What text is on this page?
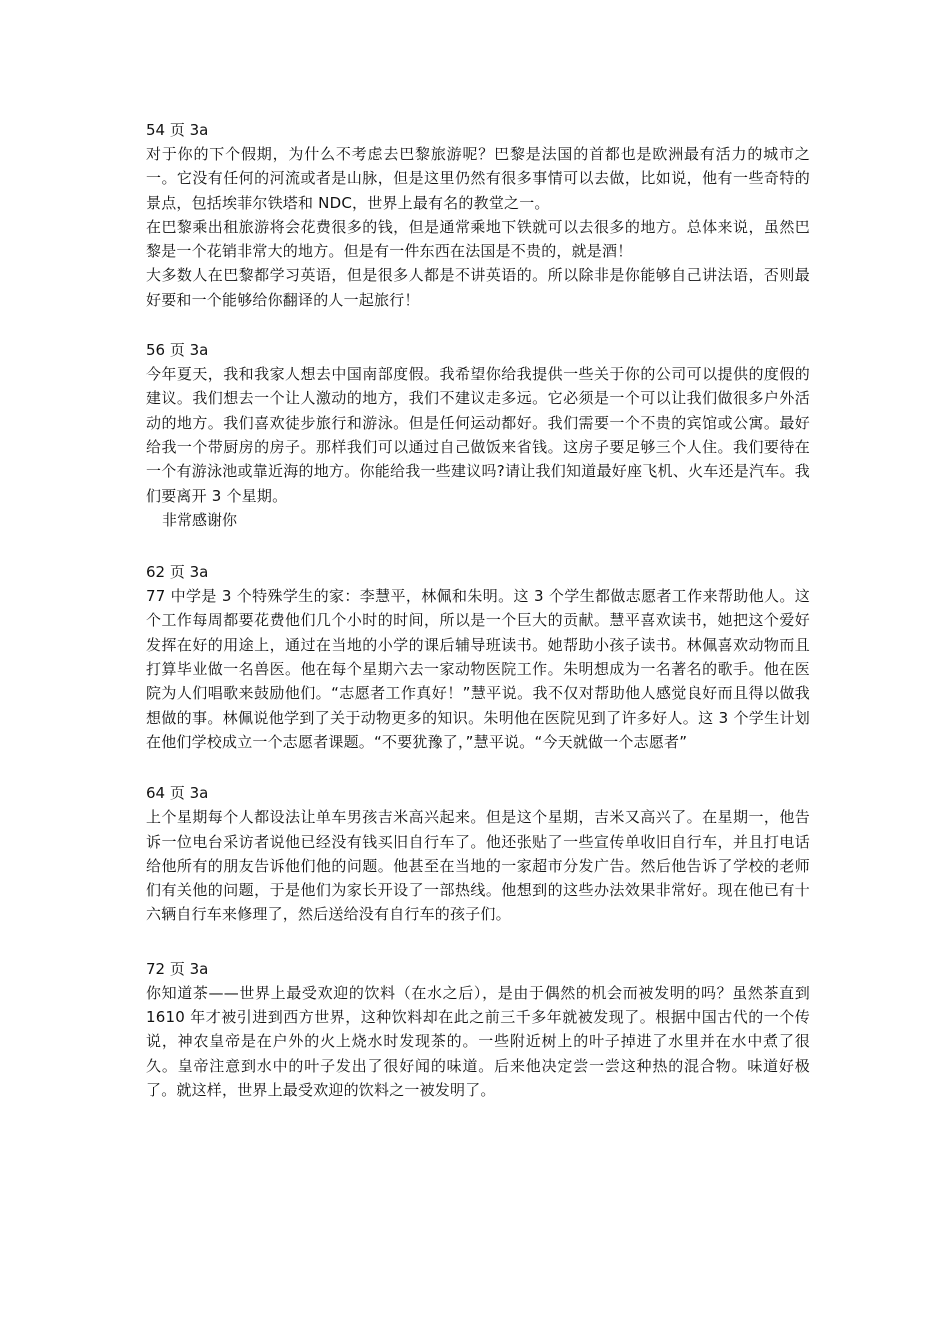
54 页 3a

对于你的下个假期，为什么不考虑去巴黎旅游呢？巴黎是法国的首都也是欧洲最有活力的城市之一。它没有任何的河流或者是山脉，但是这里仍然有很多事情可以去做，比如说，他有一些奇特的景点，包括埃菲尔铁塔和 NDC，世界上最有名的教堂之一。

在巴黎乘出租旅游将会花费很多的钱，但是通常乘地下铁就可以去很多的地方。总体来说，虽然巴黎是一个花销非常大的地方。但是有一件东西在法国是不贵的，就是酒！

大多数人在巴黎都学习英语，但是很多人都是不讲英语的。所以除非是你能够自己讲法语，否则最好要和一个能够给你翻译的人一起旅行！

56 页 3a

今年夏天，我和我家人想去中国南部度假。我希望你给我提供一些关于你的公司可以提供的度假的建议。我们想去一个让人激动的地方，我们不建议走多远。它必须是一个可以让我们做很多户外活动的地方。我们喜欢徒步旅行和游泳。但是任何运动都好。我们需要一个不贵的宾馆或公寓。最好给我一个带厨房的房子。那样我们可以通过自己做饭来省钱。这房子要足够三个人住。我们要待在一个有游泳池或靠近海的地方。你能给我一些建议吗?请让我们知道最好座飞机、火车还是汽车。我们要离开 3 个星期。

非常感谢你

62 页 3a

77 中学是 3 个特殊学生的家：李慧平，林佩和朱明。这 3 个学生都做志愿者工作来帮助他人。这个工作每周都要花费他们几个小时的时间，所以是一个巨大的贡献。慧平喜欢读书，她把这个爱好发挥在好的用途上，通过在当地的小学的课后辅导班读书。她帮助小孩子读书。林佩喜欢动物而且打算毕业做一名兽医。他在每个星期六去一家动物医院工作。朱明想成为一名著名的歌手。他在医院为人们唱歌来鼓励他们。“志愿者工作真好！”慧平说。我不仅对帮助他人感觉良好而且得以做我想做的事。林佩说他学到了关于动物更多的知识。朱明他在医院见到了许多好人。这 3 个学生计划在他们学校成立一个志愿者课题。“不要犹豫了，”慧平说。“今天就做一个志愿者”

64 页 3a

上个星期每个人都设法让单车男孩吉米高兴起来。但是这个星期，吉米又高兴了。在星期一，他告诉一位电台采访者说他已经没有钱买旧自行车了。他还张贴了一些宣传单收旧自行车，并且打电话给他所有的朋友告诉他们他的问题。他甚至在当地的一家超市分发广告。然后他告诉了学校的老师们有关他的问题，于是他们为家长开设了一部热线。他想到的这些办法效果非常好。现在他已有十六辆自行车来修理了，然后送给没有自行车的孩子们。

72 页 3a

你知道茶——世界上最受欢迎的饮料（在水之后），是由于偶然的机会而被发明的吗？虽然茶直到 1610 年才被引进到西方世界，这种饮料却在此之前三千多年就被发现了。根据中国古代的一个传说，神农皇帝是在户外的火上烧水时发现茶的。一些附近树上的叶子掉进了水里并在水中煮了很久。皇帝注意到水中的叶子发出了很好闻的味道。后来他决定尝一尝这种热的混合物。味道好极了。就这样，世界上最受欢迎的饮料之一被发明了。
